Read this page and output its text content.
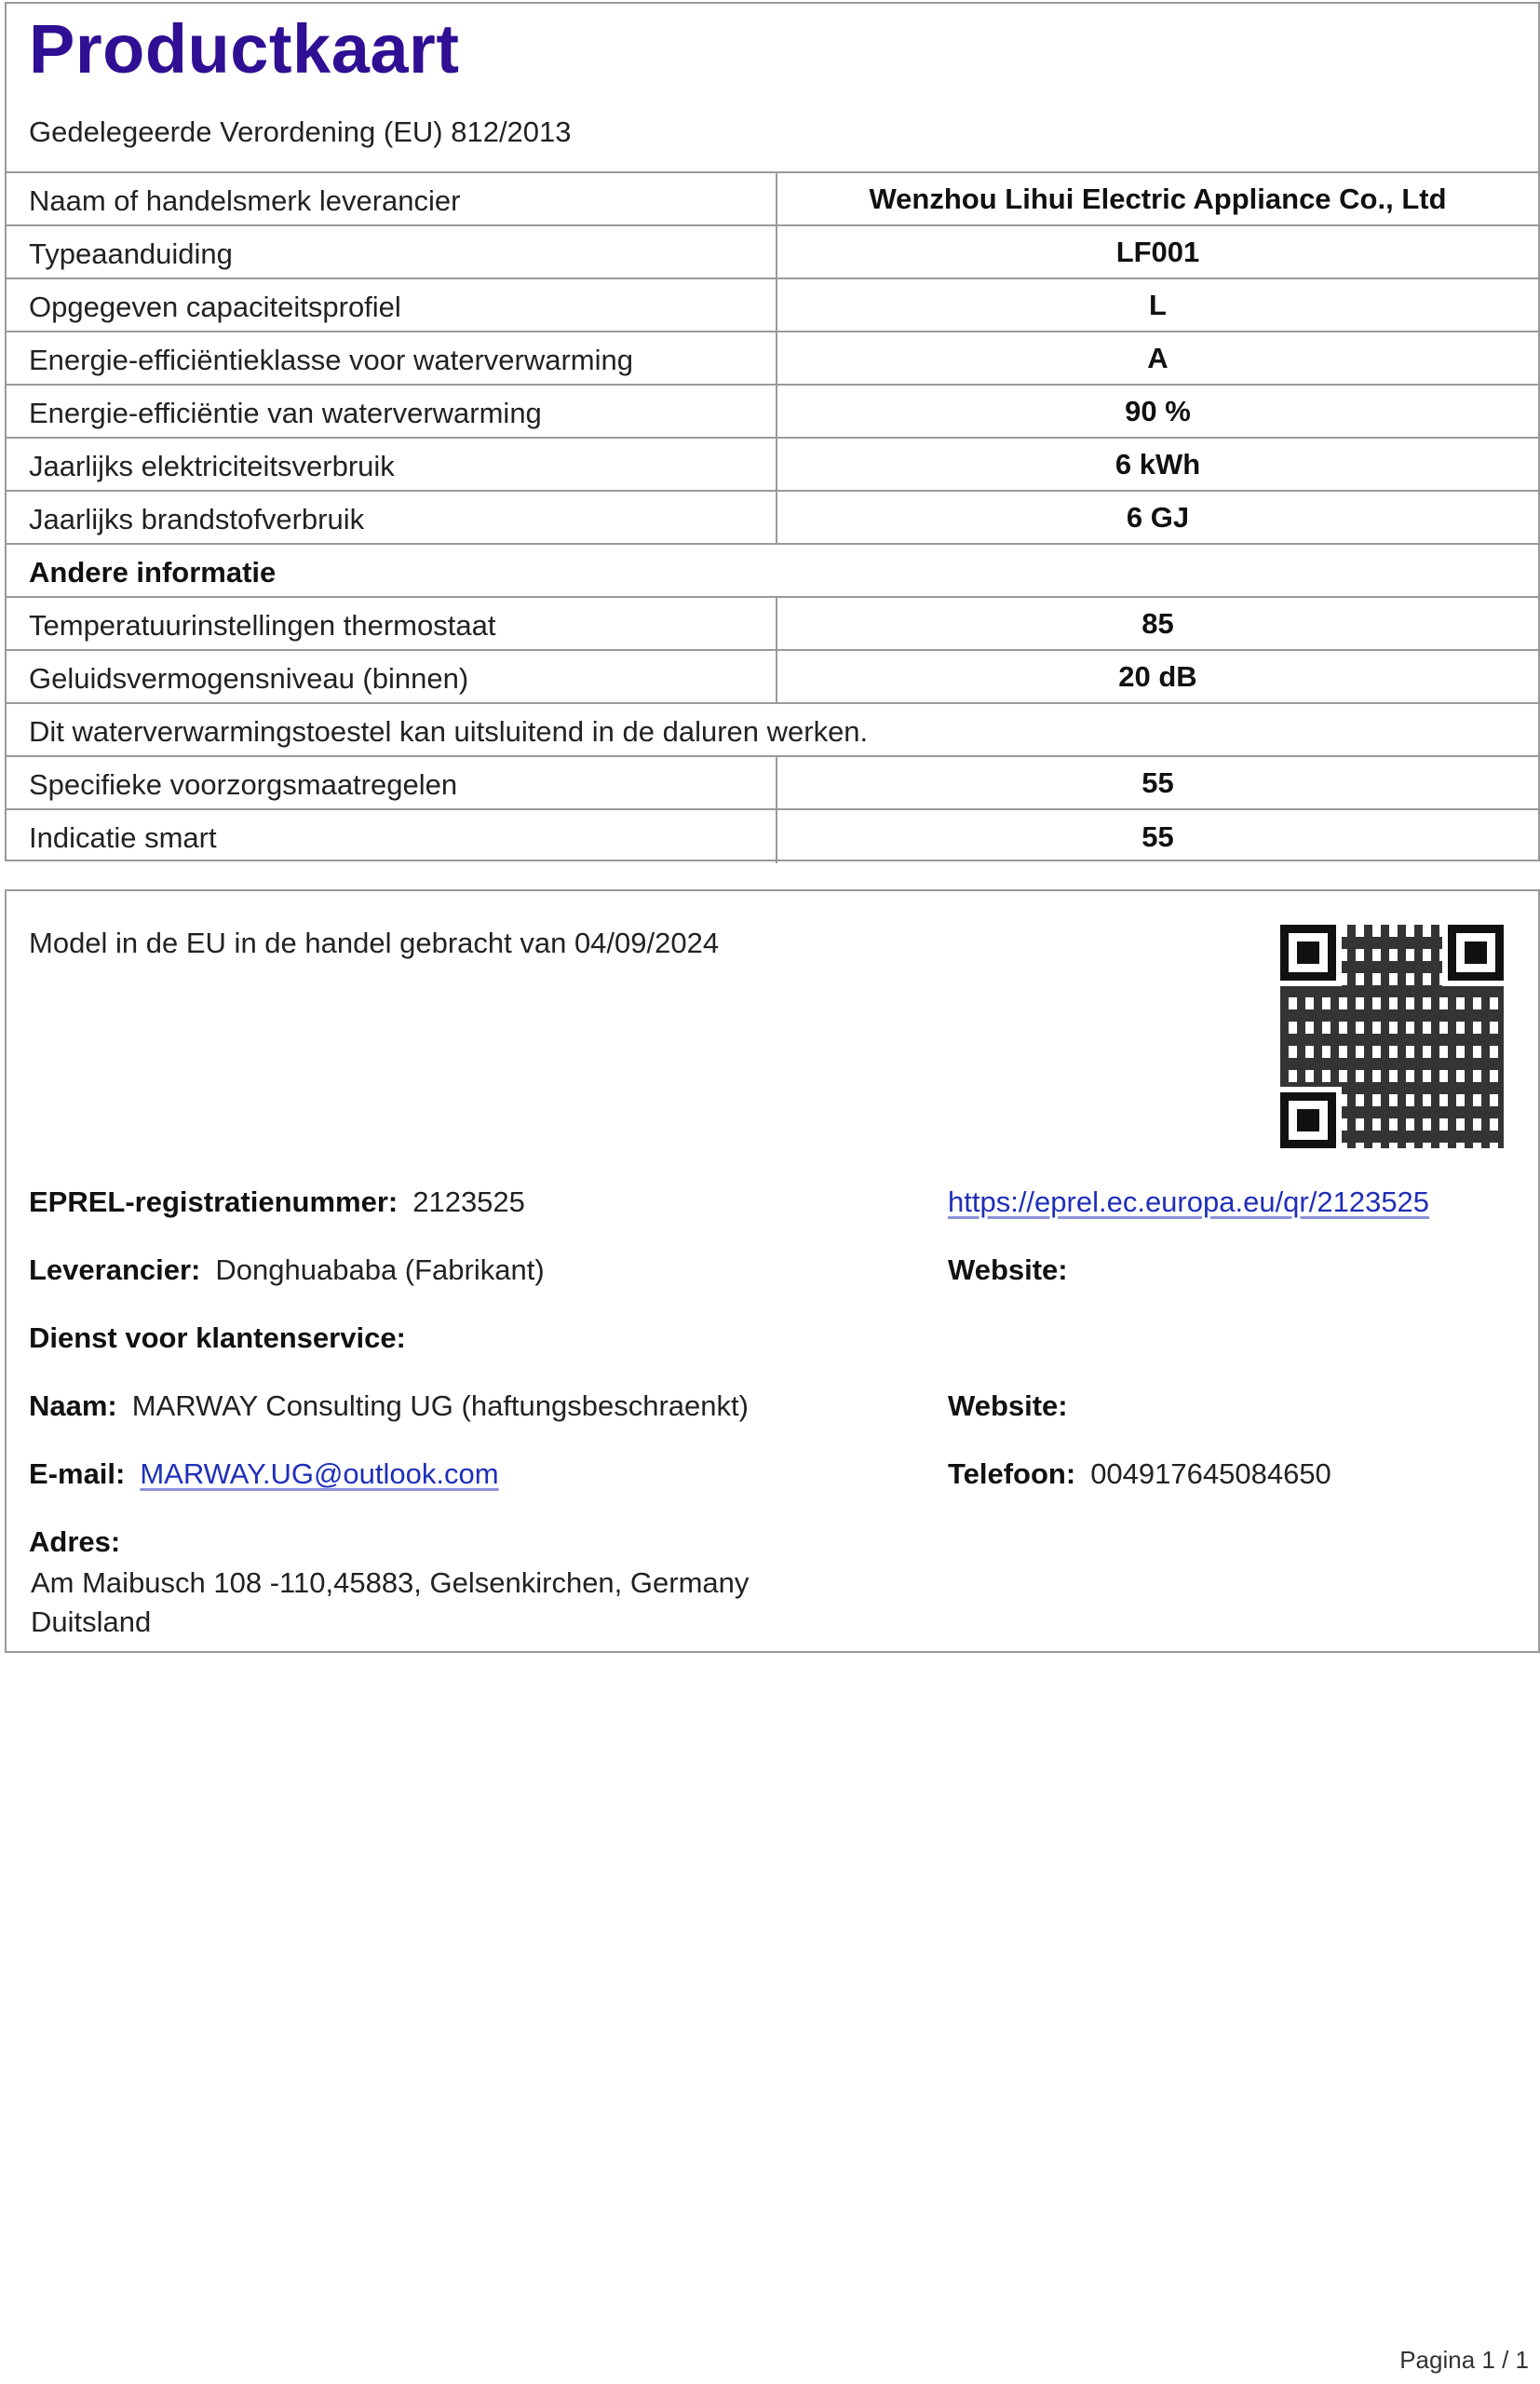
Productkaart
Gedelegeerde Verordening (EU) 812/2013
Naam of handelsmerk leverancier	Wenzhou Lihui Electric Appliance Co., Ltd
Typeaanduiding	LF001
Opgegeven capaciteitsprofiel	L
Energie-efficiëntieklasse voor waterverwarming	A
Energie-efficiëntie van waterverwarming	90 %
Jaarlijks elektriciteitsverbruik	6 kWh
Jaarlijks brandstofverbruik	6 GJ
Andere informatie
Temperatuurinstellingen thermostaat	85
Geluidsvermogensniveau (binnen)	20 dB
Dit waterverwarmingstoestel kan uitsluitend in de daluren werken.
Specifieke voorzorgsmaatregelen	55
Indicatie smart	55
Model in de EU in de handel gebracht van 04/09/2024
EPREL-registratienummer: 2123525	https://eprel.ec.europa.eu/qr/2123525
Leverancier: Donghuababa (Fabrikant)	Website:
Dienst voor klantenservice:
Naam: MARWAY Consulting UG (haftungsbeschraenkt)	Website:
E-mail: MARWAY.UG@outlook.com	Telefoon: 004917645084650
Adres:
Am Maibusch 108 -110,45883, Gelsenkirchen, Germany
Duitsland
Pagina 1 / 1
